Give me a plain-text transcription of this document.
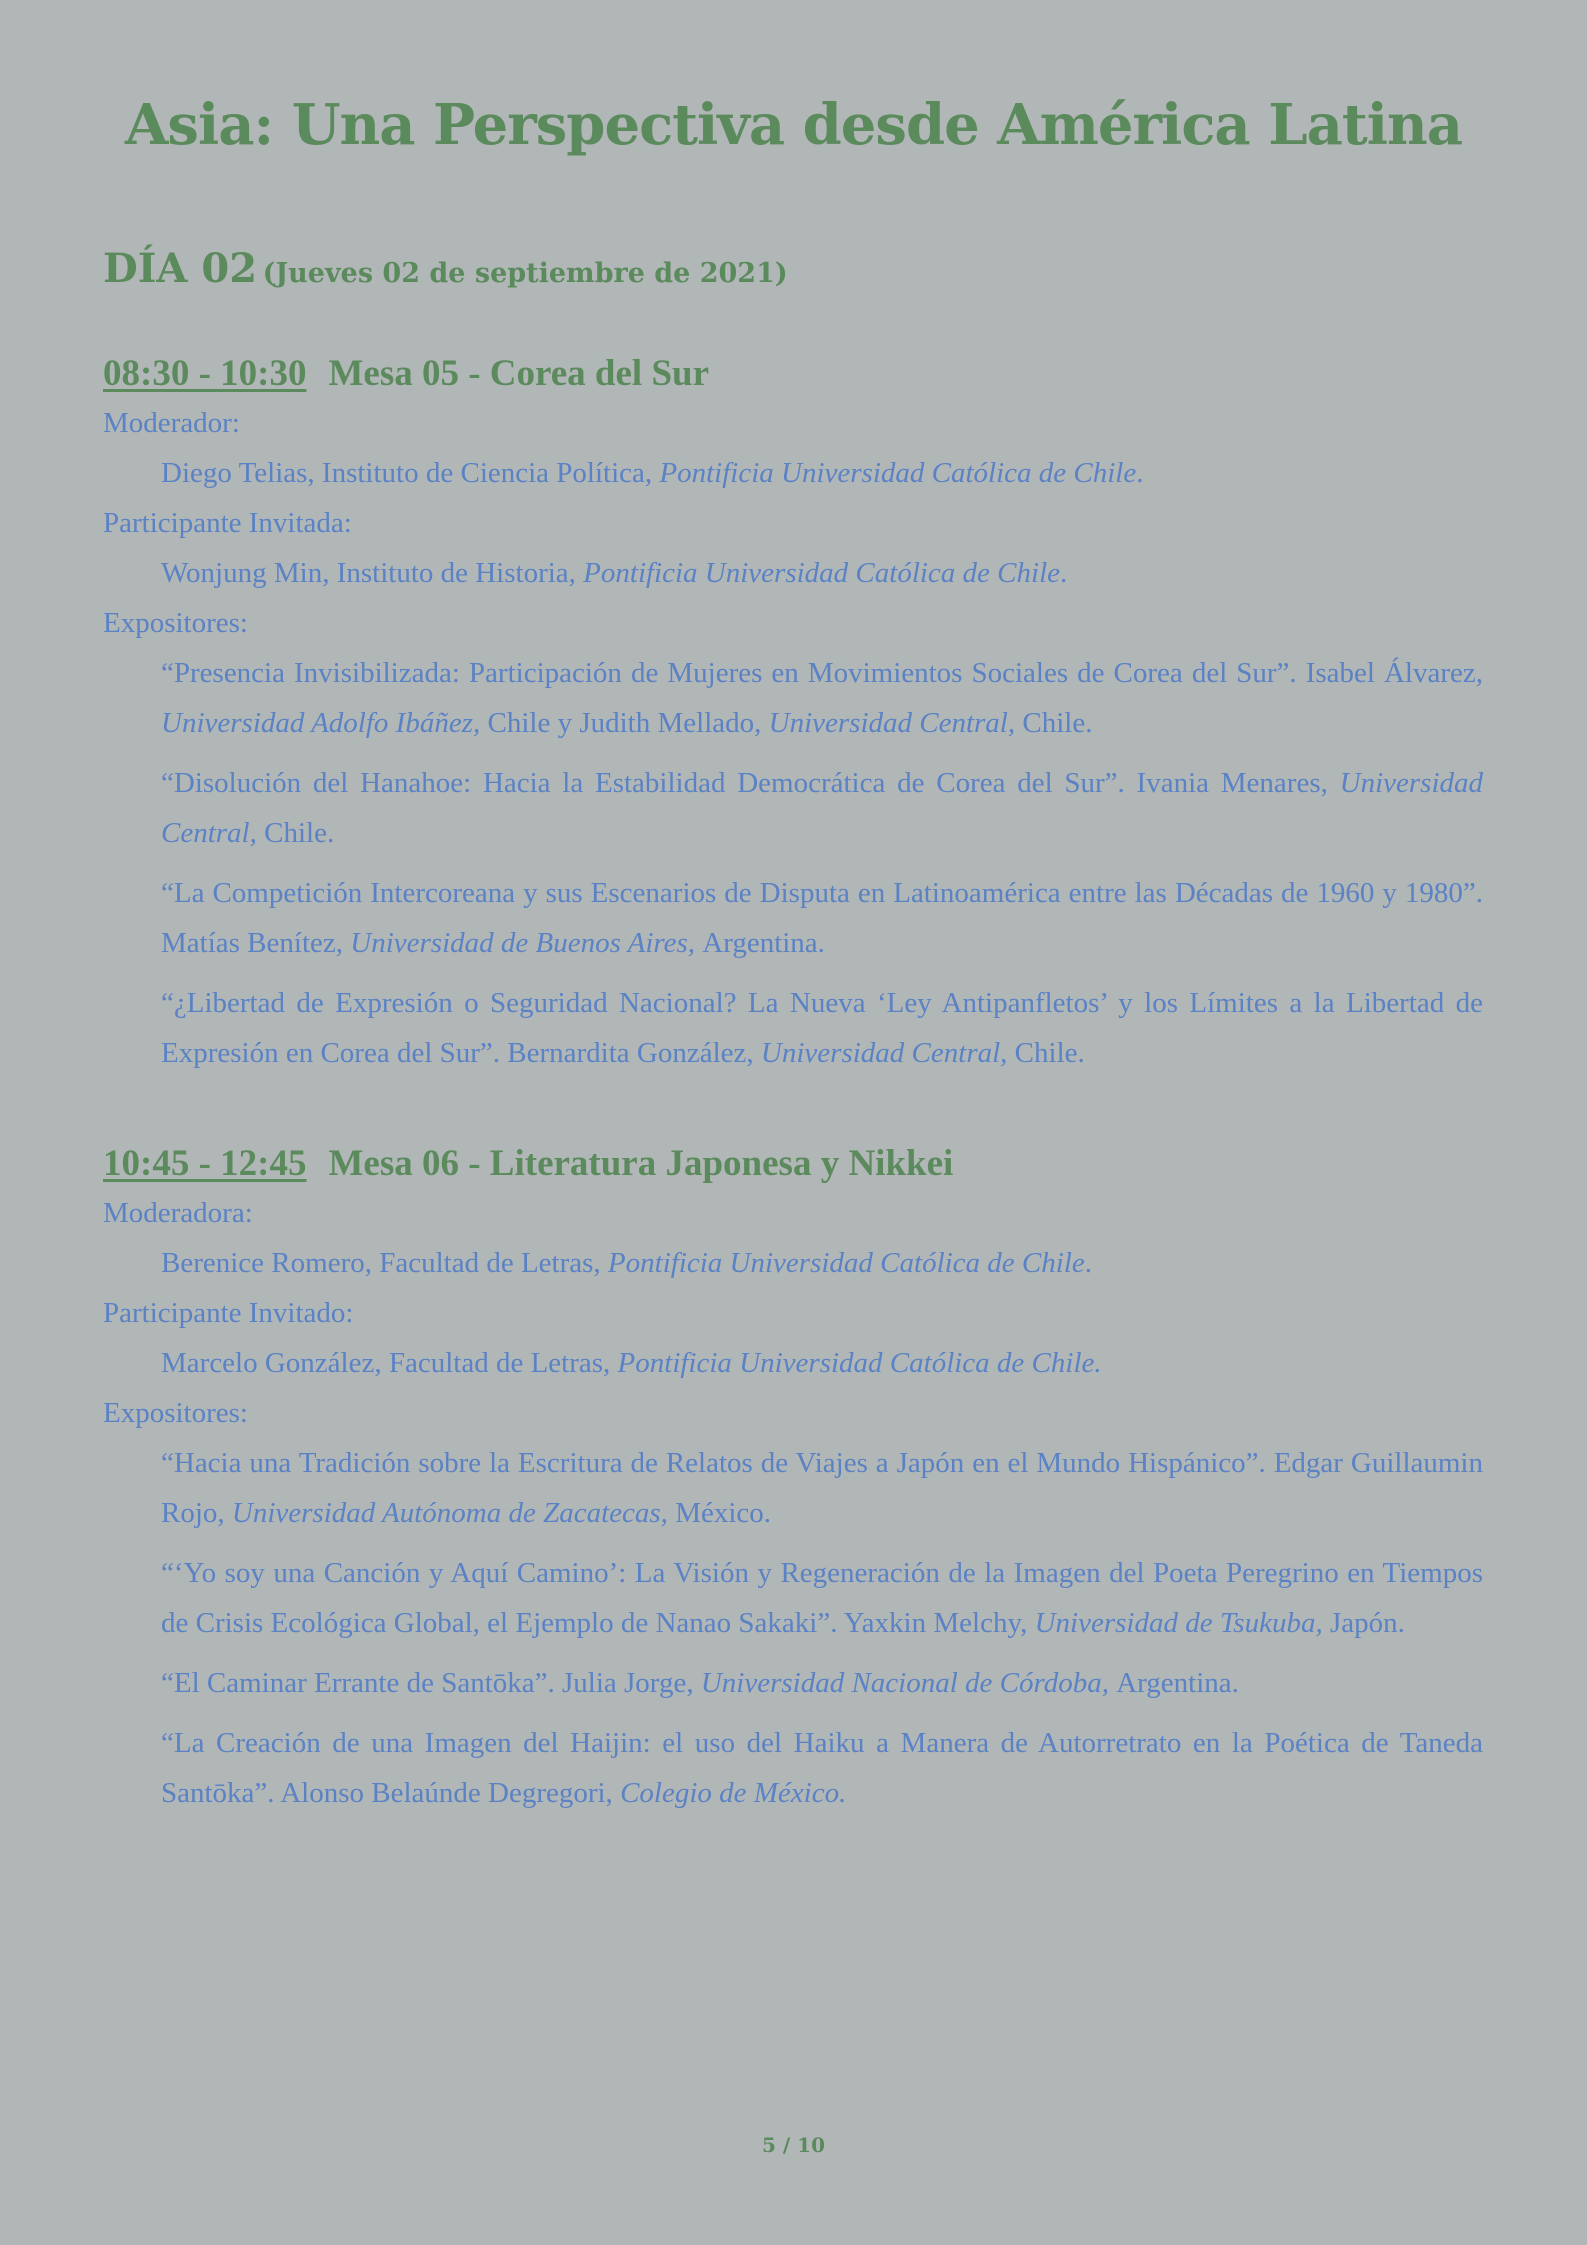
Asia: Una Perspectiva desde América Latina
DÍA 02 (Jueves 02 de septiembre de 2021)
08:30 - 10:30 Mesa 05 - Corea del Sur
Moderador:
Diego Telias, Instituto de Ciencia Política, Pontificia Universidad Católica de Chile.
Participante Invitada:
Wonjung Min, Instituto de Historia, Pontificia Universidad Católica de Chile.
Expositores:
“Presencia Invisibilizada: Participación de Mujeres en Movimientos Sociales de Corea del Sur”. Isabel Álvarez, Universidad Adolfo Ibáñez, Chile y Judith Mellado, Universidad Central, Chile.
“Disolución del Hanahoe: Hacia la Estabilidad Democrática de Corea del Sur”. Ivania Menares, Universidad Central, Chile.
“La Competición Intercoreana y sus Escenarios de Disputa en Latinoamérica entre las Décadas de 1960 y 1980”. Matías Benítez, Universidad de Buenos Aires, Argentina.
“¿Libertad de Expresión o Seguridad Nacional? La Nueva ‘Ley Antipanfletos’ y los Límites a la Libertad de Expresión en Corea del Sur”. Bernardita González, Universidad Central, Chile.
10:45 - 12:45 Mesa 06 - Literatura Japonesa y Nikkei
Moderadora:
Berenice Romero, Facultad de Letras, Pontificia Universidad Católica de Chile.
Participante Invitado:
Marcelo González, Facultad de Letras, Pontificia Universidad Católica de Chile.
Expositores:
“Hacia una Tradición sobre la Escritura de Relatos de Viajes a Japón en el Mundo Hispánico”. Edgar Guillaumin Rojo, Universidad Autónoma de Zacatecas, México.
“‘Yo soy una Canción y Aquí Camino’: La Visión y Regeneración de la Imagen del Poeta Peregrino en Tiempos de Crisis Ecológica Global, el Ejemplo de Nanao Sakaki”. Yaxkin Melchy, Universidad de Tsukuba, Japón.
“El Caminar Errante de Santōka”. Julia Jorge, Universidad Nacional de Córdoba, Argentina.
“La Creación de una Imagen del Haijin: el uso del Haiku a Manera de Autorretrato en la Poética de Taneda Santōka”. Alonso Belaúnde Degregori, Colegio de México.
5 / 10
